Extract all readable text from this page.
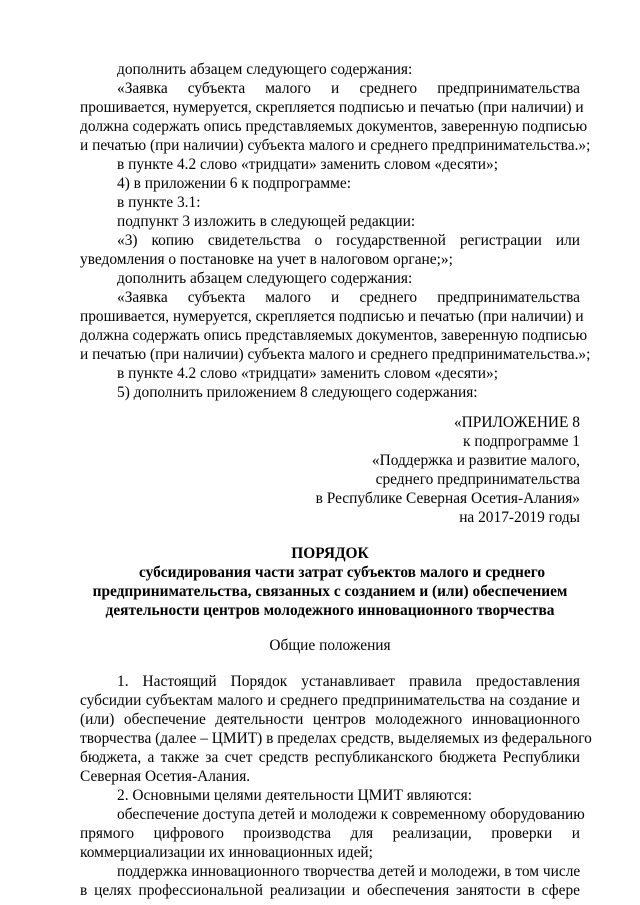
дополнить абзацем следующего содержания:
«Заявка субъекта малого и среднего предпринимательства
прошивается, нумеруется, скрепляется подписью и печатью (при наличии) и
должна содержать опись представляемых документов, заверенную подписью
и печатью (при наличии) субъекта малого и среднего предпринимательства.»;
в пункте 4.2 слово «тридцати» заменить словом «десяти»;
4) в приложении 6 к подпрограмме:
в пункте 3.1:
подпункт 3 изложить в следующей редакции:
«3) копию свидетельства о государственной регистрации или
уведомления о постановке на учет в налоговом органе;»;
дополнить абзацем следующего содержания:
«Заявка субъекта малого и среднего предпринимательства
прошивается, нумеруется, скрепляется подписью и печатью (при наличии) и
должна содержать опись представляемых документов, заверенную подписью
и печатью (при наличии) субъекта малого и среднего предпринимательства.»;
в пункте 4.2 слово «тридцати» заменить словом «десяти»;
5) дополнить приложением 8 следующего содержания:
«ПРИЛОЖЕНИЕ 8
к подпрограмме 1
«Поддержка и развитие малого,
среднего предпринимательства
в Республике Северная Осетия-Алания»
на 2017-2019 годы
ПОРЯДОК
субсидирования части затрат субъектов малого и среднего
предпринимательства, связанных с созданием и (или) обеспечением
деятельности центров молодежного инновационного творчества
Общие положения
1. Настоящий Порядок устанавливает правила предоставления
субсидии субъектам малого и среднего предпринимательства на создание и
(или) обеспечение деятельности центров молодежного инновационного
творчества (далее – ЦМИТ) в пределах средств, выделяемых из федерального
бюджета, а также за счет средств республиканского бюджета Республики
Северная Осетия-Алания.
2. Основными целями деятельности ЦМИТ являются:
обеспечение доступа детей и молодежи к современному оборудованию
прямого цифрового производства для реализации, проверки и
коммерциализации их инновационных идей;
поддержка инновационного творчества детей и молодежи, в том числе
в целях профессиональной реализации и обеспечения занятости в сфере
